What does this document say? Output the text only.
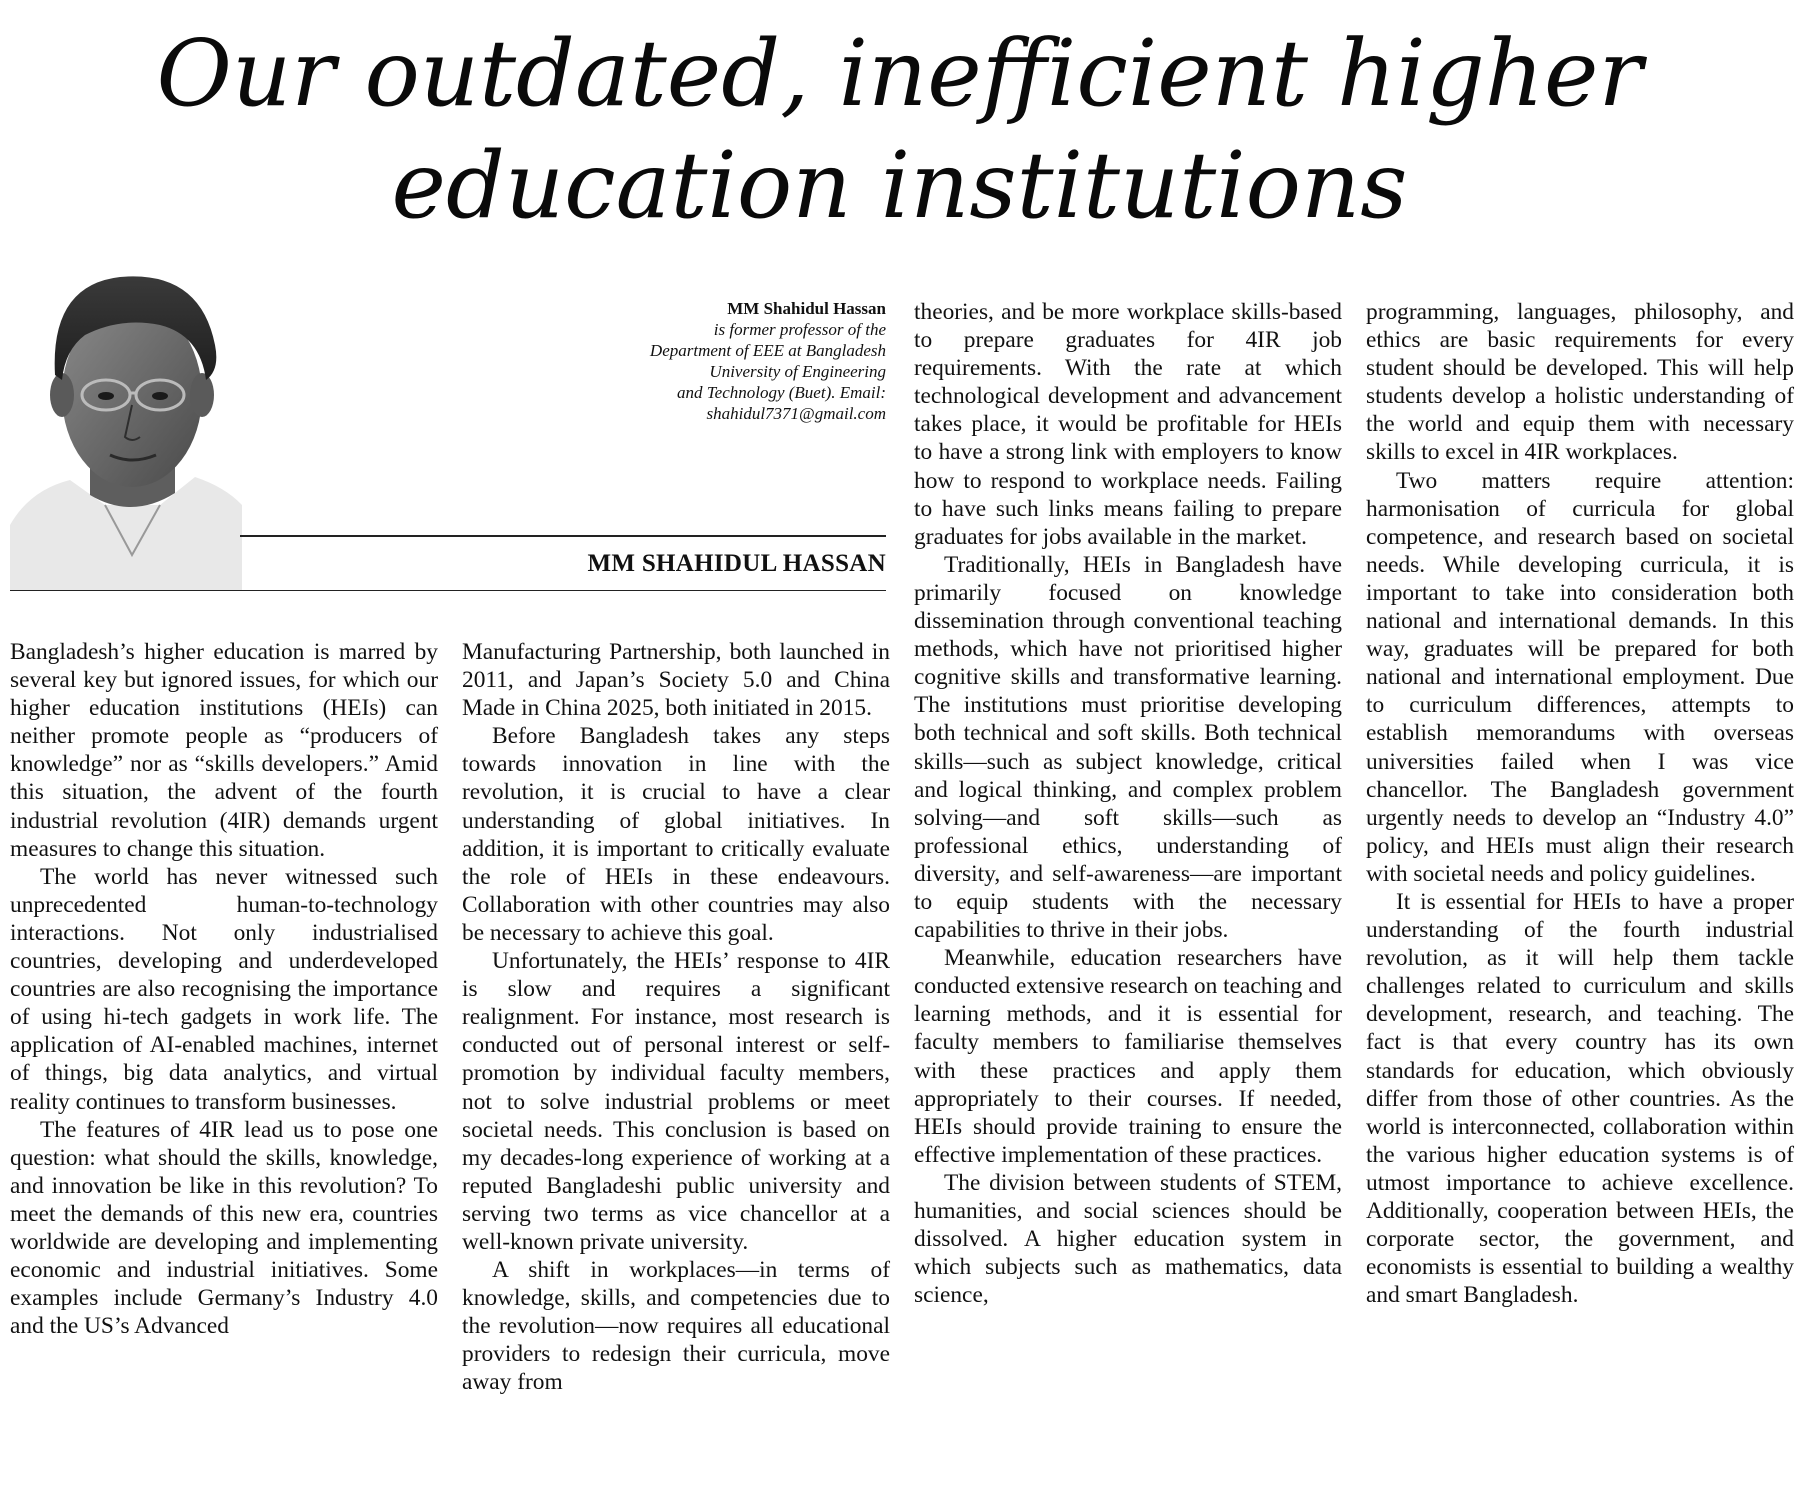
Our outdated, inefficient higher
education institutions
MM Shahidul Hassan
is former professor of the
Department of EEE at Bangladesh
University of Engineering
and Technology (Buet). Email:
shahidul7371@gmail.com
MM SHAHIDUL HASSAN

Bangladesh’s higher education is marred by several key but ignored issues, for which our higher education institutions (HEIs) can neither promote people as “producers of knowledge” nor as “skills developers.” Amid this situation, the advent of the fourth industrial revolution (4IR) demands urgent measures to change this situation.

The world has never witnessed such unprecedented human-to-technology interactions. Not only industrialised countries, developing and underdeveloped countries are also recognising the importance of using hi-tech gadgets in work life. The application of AI-enabled machines, internet of things, big data analytics, and virtual reality continues to transform businesses.

The features of 4IR lead us to pose one question: what should the skills, knowledge, and innovation be like in this revolution? To meet the demands of this new era, countries worldwide are developing and implementing economic and industrial initiatives. Some examples include Germany’s Industry 4.0 and the US’s Advanced

Manufacturing Partnership, both launched in 2011, and Japan’s Society 5.0 and China Made in China 2025, both initiated in 2015.

Before Bangladesh takes any steps towards innovation in line with the revolution, it is crucial to have a clear understanding of global initiatives. In addition, it is important to critically evaluate the role of HEIs in these endeavours. Collaboration with other countries may also be necessary to achieve this goal.

Unfortunately, the HEIs’ response to 4IR is slow and requires a significant realignment. For instance, most research is conducted out of personal interest or self-promotion by individual faculty members, not to solve industrial problems or meet societal needs. This conclusion is based on my decades-long experience of working at a reputed Bangladeshi public university and serving two terms as vice chancellor at a well-known private university.

A shift in workplaces—in terms of knowledge, skills, and competencies due to the revolution—now requires all educational providers to redesign their curricula, move away from

theories, and be more workplace skills-based to prepare graduates for 4IR job requirements. With the rate at which technological development and advancement takes place, it would be profitable for HEIs to have a strong link with employers to know how to respond to workplace needs. Failing to have such links means failing to prepare graduates for jobs available in the market.

Traditionally, HEIs in Bangladesh have primarily focused on knowledge dissemination through conventional teaching methods, which have not prioritised higher cognitive skills and transformative learning. The institutions must prioritise developing both technical and soft skills. Both technical skills—such as subject knowledge, critical and logical thinking, and complex problem solving—and soft skills—such as professional ethics, understanding of diversity, and self-awareness—are important to equip students with the necessary capabilities to thrive in their jobs.

Meanwhile, education researchers have conducted extensive research on teaching and learning methods, and it is essential for faculty members to familiarise themselves with these practices and apply them appropriately to their courses. If needed, HEIs should provide training to ensure the effective implementation of these practices.

The division between students of STEM, humanities, and social sciences should be dissolved. A higher education system in which subjects such as mathematics, data science,

programming, languages, philosophy, and ethics are basic requirements for every student should be developed. This will help students develop a holistic understanding of the world and equip them with necessary skills to excel in 4IR workplaces.

Two matters require attention: harmonisation of curricula for global competence, and research based on societal needs. While developing curricula, it is important to take into consideration both national and international demands. In this way, graduates will be prepared for both national and international employment. Due to curriculum differences, attempts to establish memorandums with overseas universities failed when I was vice chancellor. The Bangladesh government urgently needs to develop an “Industry 4.0” policy, and HEIs must align their research with societal needs and policy guidelines.

It is essential for HEIs to have a proper understanding of the fourth industrial revolution, as it will help them tackle challenges related to curriculum and skills development, research, and teaching. The fact is that every country has its own standards for education, which obviously differ from those of other countries. As the world is interconnected, collaboration within the various higher education systems is of utmost importance to achieve excellence. Additionally, cooperation between HEIs, the corporate sector, the government, and economists is essential to building a wealthy and smart Bangladesh.
